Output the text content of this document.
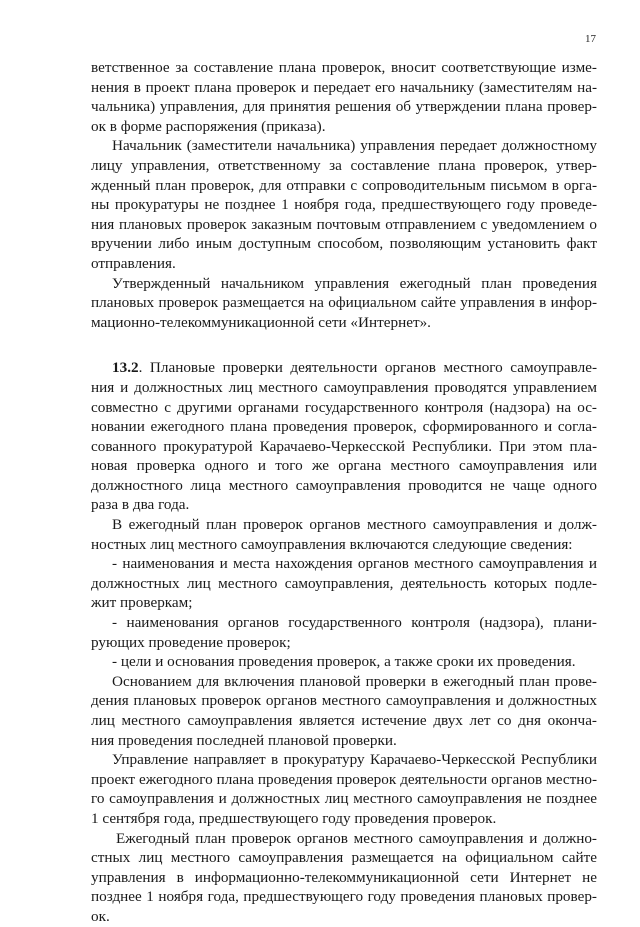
17
ветственное за составление плана проверок, вносит соответствующие изме-
нения в проект плана проверок и передает его начальнику (заместителям на-
чальника) управления, для принятия решения об утверждении плана провер-
ок в форме распоряжения (приказа).
Начальник (заместители начальника) управления передает должностному
лицу управления, ответственному за составление плана проверок, утвер-
жденный план проверок, для отправки с сопроводительным письмом в орга-
ны прокуратуры не позднее 1 ноября года, предшествующего году проведе-
ния плановых проверок заказным почтовым отправлением с уведомлением о
вручении либо иным доступным способом, позволяющим установить факт
отправления.
Утвержденный начальником управления ежегодный план проведения
плановых проверок размещается на официальном сайте управления в инфор-
мационно-телекоммуникационной сети «Интернет».
13.2. Плановые проверки деятельности органов местного самоуправле-
ния и должностных лиц местного самоуправления проводятся управлением
совместно с другими органами государственного контроля (надзора) на ос-
новании ежегодного плана проведения проверок, сформированного и согла-
сованного прокуратурой Карачаево-Черкесской Республики. При этом пла-
новая проверка одного и того же органа местного самоуправления или
должностного лица местного самоуправления проводится не чаще одного
раза в два года.
В ежегодный план проверок органов местного самоуправления и долж-
ностных лиц местного самоуправления включаются следующие сведения:
- наименования и места нахождения органов местного самоуправления и
должностных лиц местного самоуправления, деятельность которых подле-
жит проверкам;
- наименования органов государственного контроля (надзора), плани-
рующих проведение проверок;
- цели и основания проведения проверок, а также сроки их проведения.
Основанием для включения плановой проверки в ежегодный план прове-
дения плановых проверок органов местного самоуправления и должностных
лиц местного самоуправления является истечение двух лет со дня оконча-
ния проведения последней плановой проверки.
Управление направляет в прокуратуру Карачаево-Черкесской Республики
проект ежегодного плана проведения проверок деятельности органов местно-
го самоуправления и должностных лиц местного самоуправления не позднее
1 сентября года, предшествующего году проведения проверок.
Ежегодный план проверок органов местного самоуправления и должно-
стных лиц местного самоуправления размещается на официальном сайте
управления в информационно-телекоммуникационной сети Интернет не
позднее 1 ноября года, предшествующего году проведения плановых провер-
ок.
